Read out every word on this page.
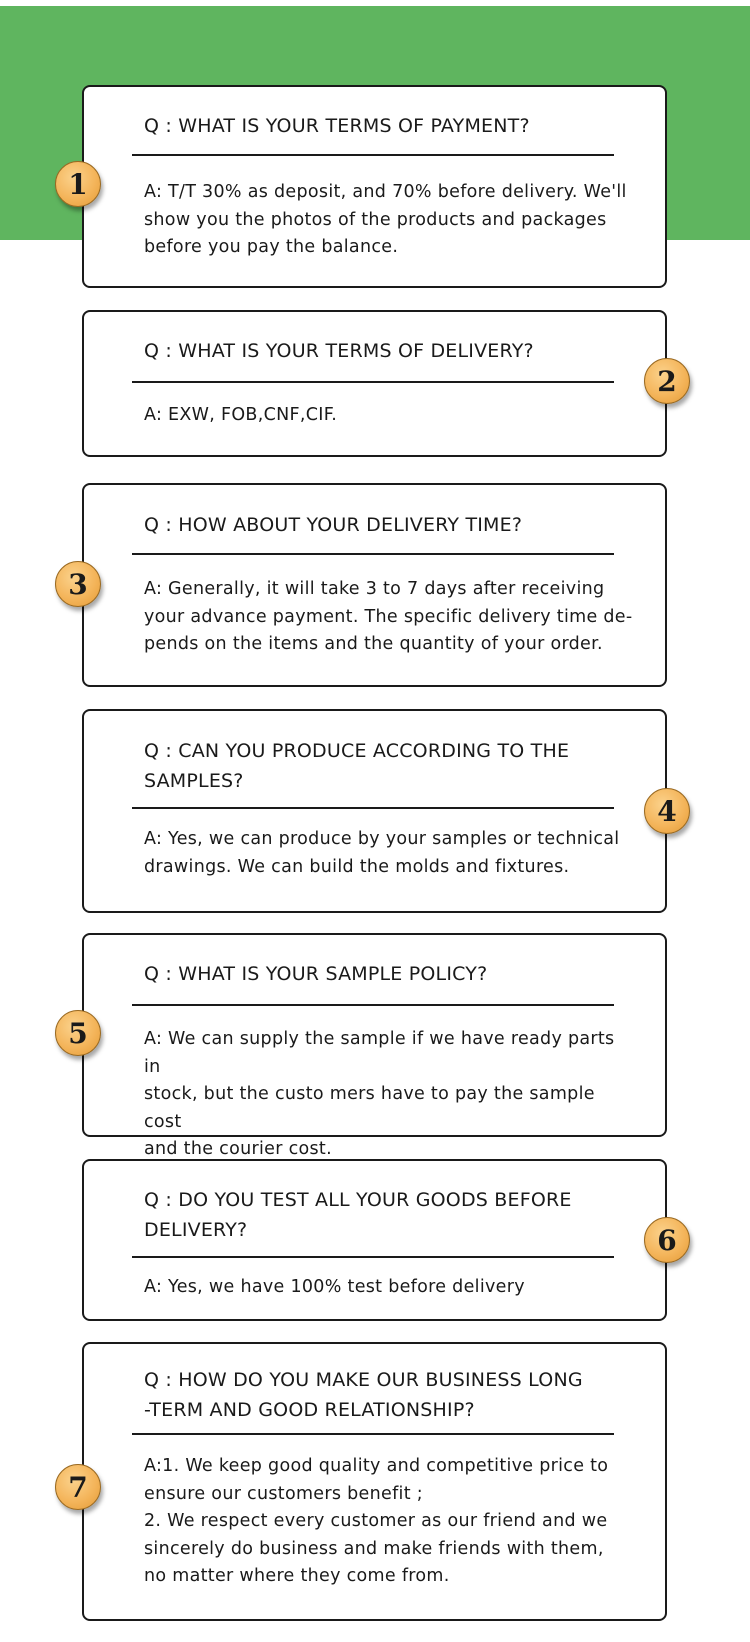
Q : WHAT IS YOUR TERMS OF PAYMENT?
A: T/T 30% as deposit, and 70% before delivery. We'll
show you the photos of the products and packages
before you pay the balance.
1
Q : WHAT IS YOUR TERMS OF DELIVERY?
A: EXW, FOB,CNF,CIF.
2
Q : HOW ABOUT YOUR DELIVERY TIME?
A: Generally, it will take 3 to 7 days after receiving
your advance payment. The specific delivery time de-
pends on the items and the quantity of your order.
3
Q : CAN YOU PRODUCE ACCORDING TO THE
SAMPLES?
A: Yes, we can produce by your samples or technical
drawings. We can build the molds and fixtures.
4
Q : WHAT IS YOUR SAMPLE POLICY?
A: We can supply the sample if we have ready parts in
stock, but the custo mers have to pay the sample cost
and the courier cost.
5
Q : DO YOU TEST ALL YOUR GOODS BEFORE
DELIVERY?
A: Yes, we have 100% test before delivery
6
Q : HOW DO YOU MAKE OUR BUSINESS LONG
-TERM AND GOOD RELATIONSHIP?
A:1. We keep good quality and competitive price to
ensure our customers benefit ;
2. We respect every customer as our friend and we
sincerely do business and make friends with them,
no matter where they come from.
7
